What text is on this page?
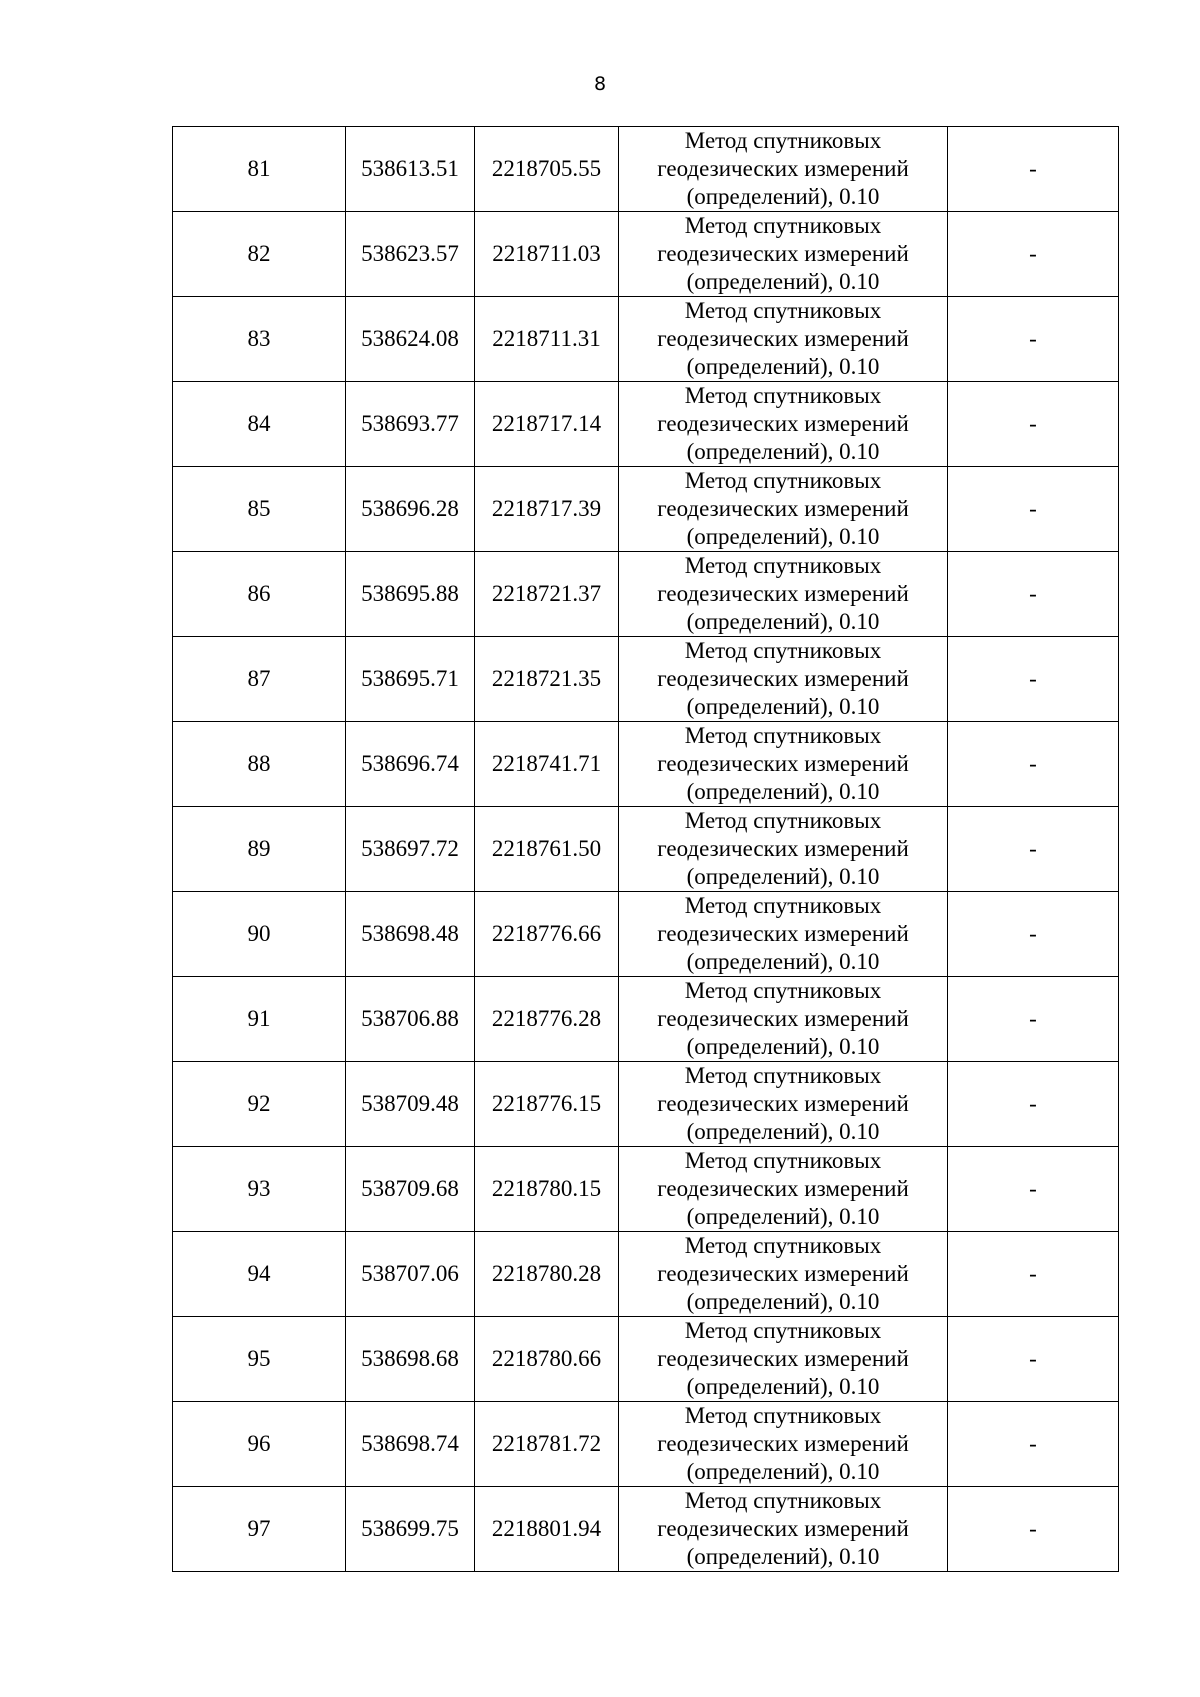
8
81	538613.51	2218705.55	Метод спутниковых
геодезических измерений
(определений), 0.10	-
82	538623.57	2218711.03	Метод спутниковых
геодезических измерений
(определений), 0.10	-
83	538624.08	2218711.31	Метод спутниковых
геодезических измерений
(определений), 0.10	-
84	538693.77	2218717.14	Метод спутниковых
геодезических измерений
(определений), 0.10	-
85	538696.28	2218717.39	Метод спутниковых
геодезических измерений
(определений), 0.10	-
86	538695.88	2218721.37	Метод спутниковых
геодезических измерений
(определений), 0.10	-
87	538695.71	2218721.35	Метод спутниковых
геодезических измерений
(определений), 0.10	-
88	538696.74	2218741.71	Метод спутниковых
геодезических измерений
(определений), 0.10	-
89	538697.72	2218761.50	Метод спутниковых
геодезических измерений
(определений), 0.10	-
90	538698.48	2218776.66	Метод спутниковых
геодезических измерений
(определений), 0.10	-
91	538706.88	2218776.28	Метод спутниковых
геодезических измерений
(определений), 0.10	-
92	538709.48	2218776.15	Метод спутниковых
геодезических измерений
(определений), 0.10	-
93	538709.68	2218780.15	Метод спутниковых
геодезических измерений
(определений), 0.10	-
94	538707.06	2218780.28	Метод спутниковых
геодезических измерений
(определений), 0.10	-
95	538698.68	2218780.66	Метод спутниковых
геодезических измерений
(определений), 0.10	-
96	538698.74	2218781.72	Метод спутниковых
геодезических измерений
(определений), 0.10	-
97	538699.75	2218801.94	Метод спутниковых
геодезических измерений
(определений), 0.10	-
